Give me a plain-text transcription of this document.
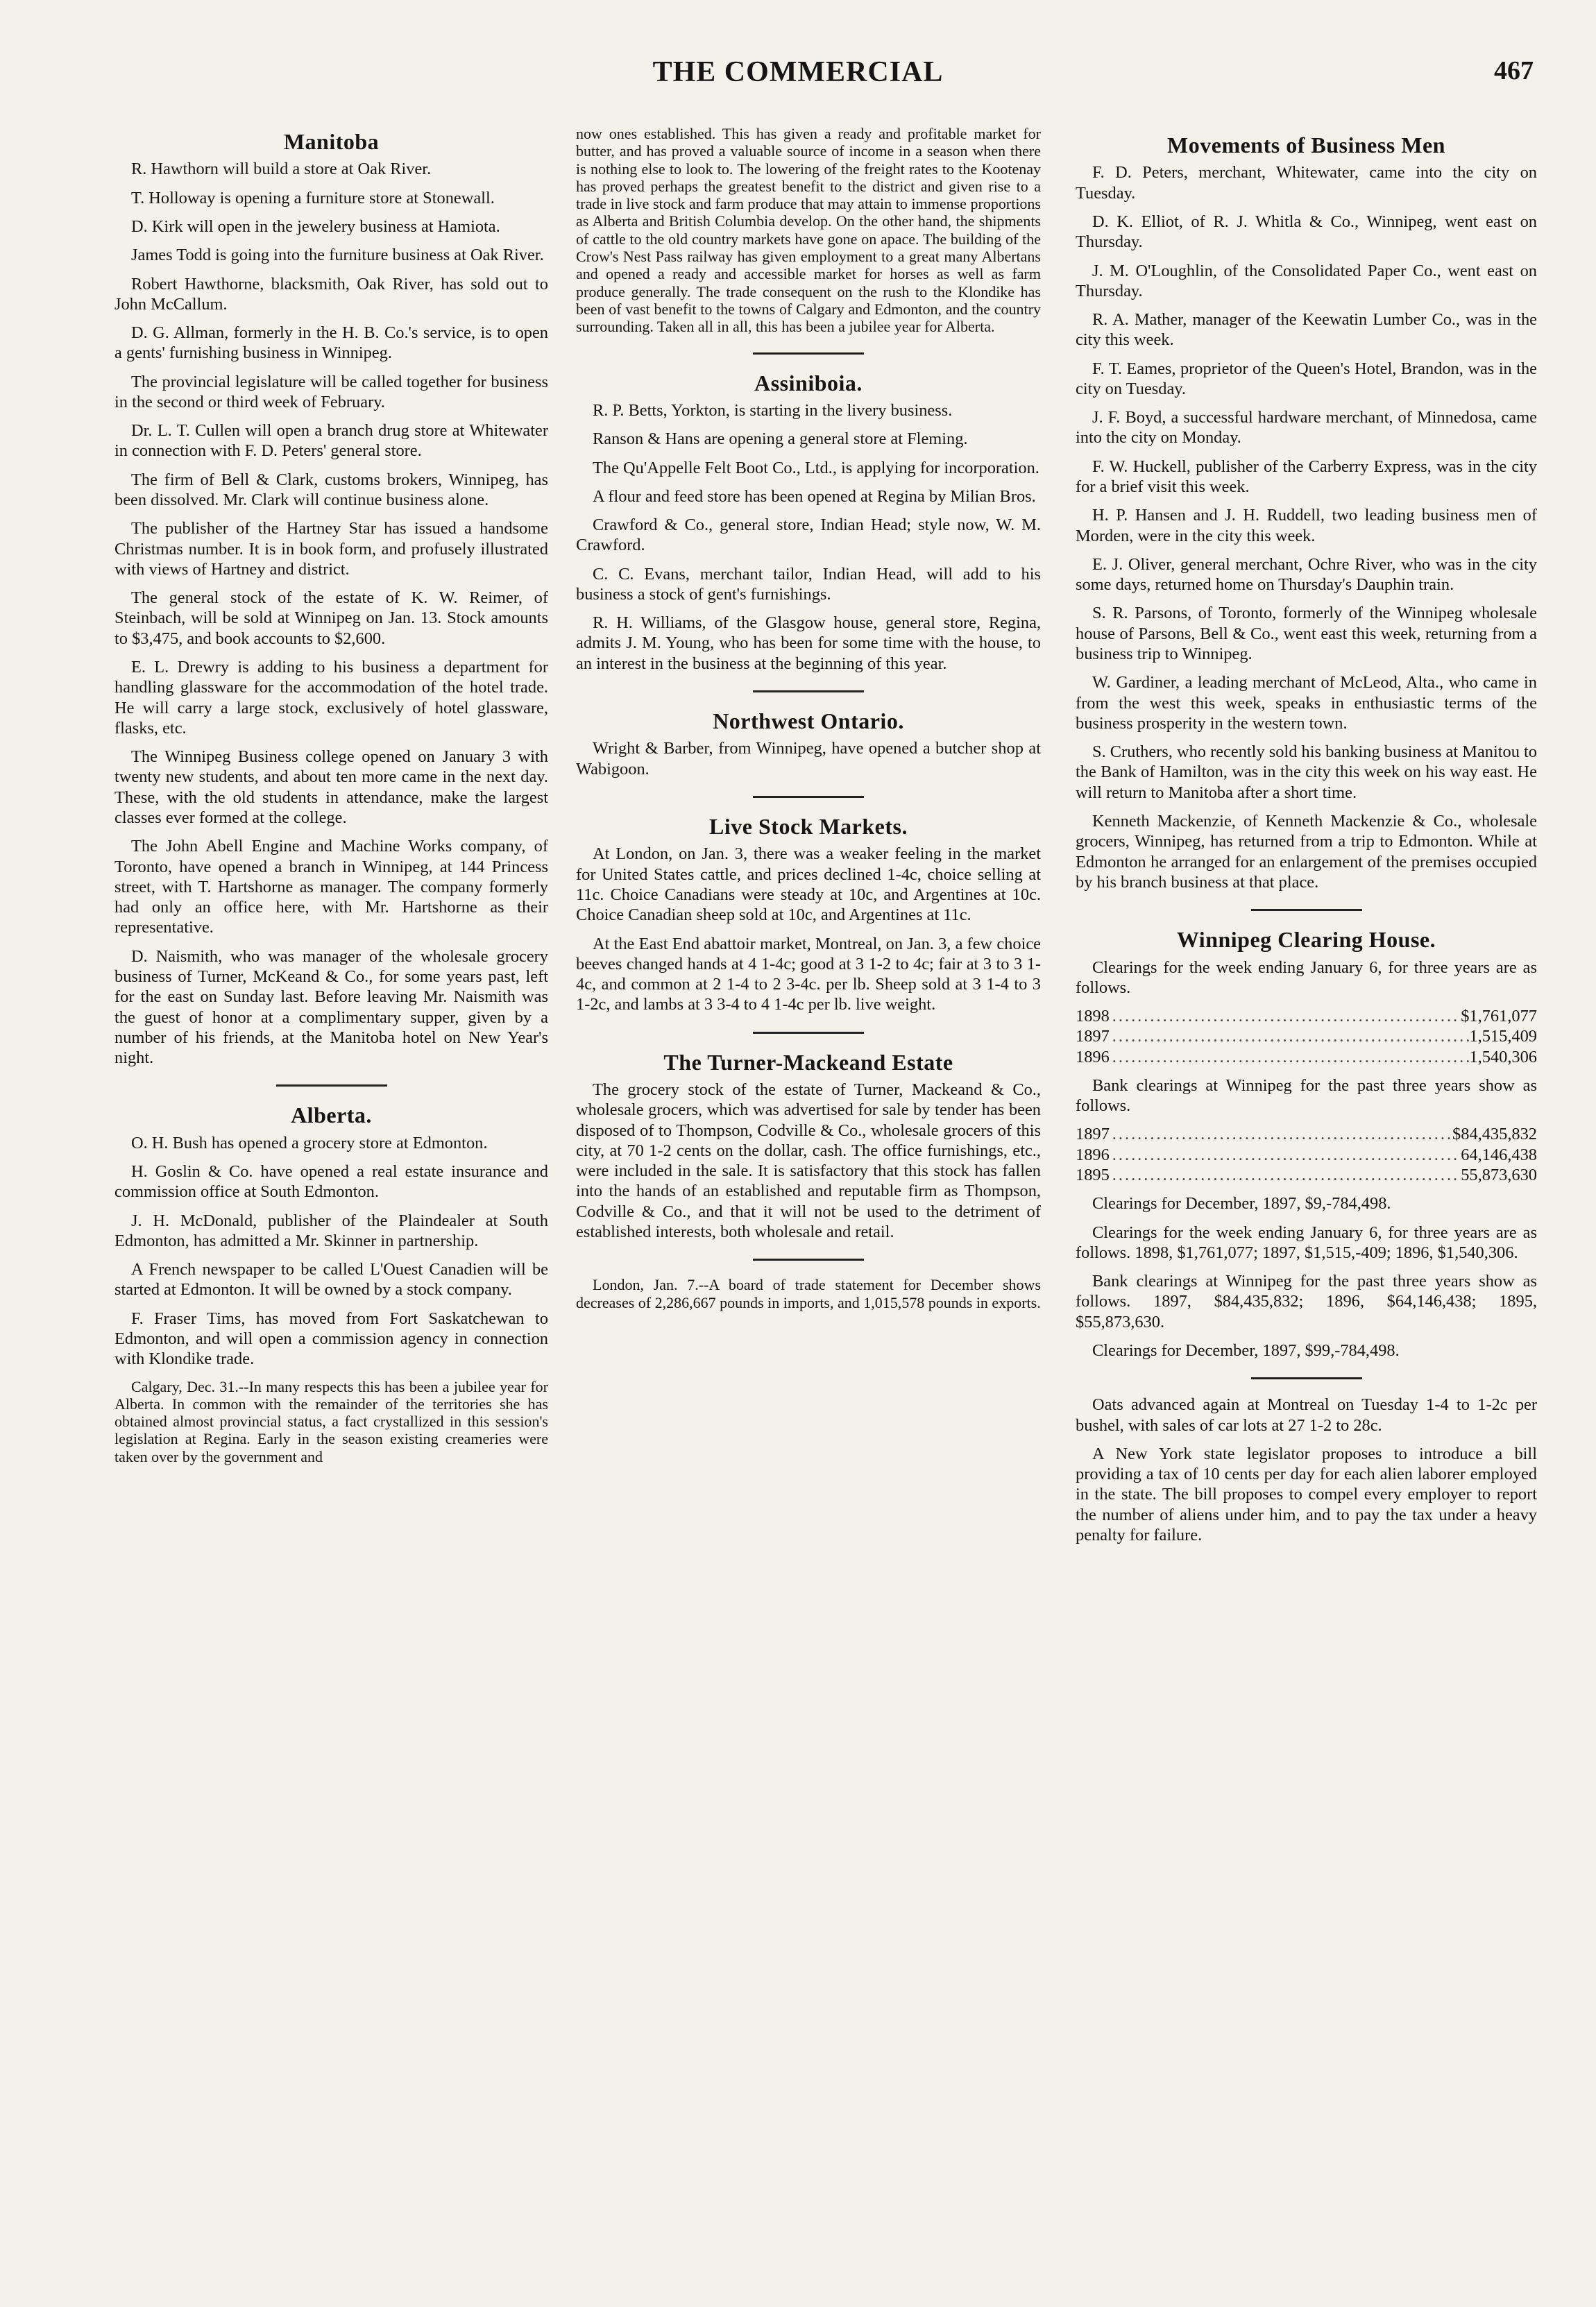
THE COMMERCIAL	467
Manitoba

R. Hawthorn will build a store at Oak River.

T. Holloway is opening a furniture store at Stonewall.

D. Kirk will open in the jewelery business at Hamiota.

James Todd is going into the furniture business at Oak River.

Robert Hawthorne, blacksmith, Oak River, has sold out to John McCallum.

D. G. Allman, formerly in the H. B. Co.'s service, is to open a gents' furnishing business in Winnipeg.

The provincial legislature will be called together for business in the second or third week of February.

Dr. L. T. Cullen will open a branch drug store at Whitewater in connection with F. D. Peters' general store.

The firm of Bell & Clark, customs brokers, Winnipeg, has been dissolved. Mr. Clark will continue business alone.

The publisher of the Hartney Star has issued a handsome Christmas number. It is in book form, and profusely illustrated with views of Hartney and district.

The general stock of the estate of K. W. Reimer, of Steinbach, will be sold at Winnipeg on Jan. 13. Stock amounts to $3,475, and book accounts to $2,600.

E. L. Drewry is adding to his business a department for handling glassware for the accommodation of the hotel trade. He will carry a large stock, exclusively of hotel glassware, flasks, etc.

The Winnipeg Business college opened on January 3 with twenty new students, and about ten more came in the next day. These, with the old students in attendance, make the largest classes ever formed at the college.

The John Abell Engine and Machine Works company, of Toronto, have opened a branch in Winnipeg, at 144 Princess street, with T. Hartshorne as manager. The company formerly had only an office here, with Mr. Hartshorne as their representative.

D. Naismith, who was manager of the wholesale grocery business of Turner, McKeand & Co., for some years past, left for the east on Sunday last. Before leaving Mr. Naismith was the guest of honor at a complimentary supper, given by a number of his friends, at the Manitoba hotel on New Year's night.

Alberta.

O. H. Bush has opened a grocery store at Edmonton.

H. Goslin & Co. have opened a real estate insurance and commission office at South Edmonton.

J. H. McDonald, publisher of the Plaindealer at South Edmonton, has admitted a Mr. Skinner in partnership.

A French newspaper to be called L'Ouest Canadien will be started at Edmonton. It will be owned by a stock company.

F. Fraser Tims, has moved from Fort Saskatchewan to Edmonton, and will open a commission agency in connection with Klondike trade.

Calgary, Dec. 31.--In many respects this has been a jubilee year for Alberta. In common with the remainder of the territories she has obtained almost provincial status, a fact crystallized in this session's legislation at Regina. Early in the season existing creameries were taken over by the government and

now ones established. This has given a ready and profitable market for butter, and has proved a valuable source of income in a season when there is nothing else to look to. The lowering of the freight rates to the Kootenay has proved perhaps the greatest benefit to the district and given rise to a trade in live stock and farm produce that may attain to immense proportions as Alberta and British Columbia develop. On the other hand, the shipments of cattle to the old country markets have gone on apace. The building of the Crow's Nest Pass railway has given employment to a great many Albertans and opened a ready and accessible market for horses as well as farm produce generally. The trade consequent on the rush to the Klondike has been of vast benefit to the towns of Calgary and Edmonton, and the country surrounding. Taken all in all, this has been a jubilee year for Alberta.

Assiniboia.

R. P. Betts, Yorkton, is starting in the livery business.

Ranson & Hans are opening a general store at Fleming.

The Qu'Appelle Felt Boot Co., Ltd., is applying for incorporation.

A flour and feed store has been opened at Regina by Milian Bros.

Crawford & Co., general store, Indian Head; style now, W. M. Crawford.

C. C. Evans, merchant tailor, Indian Head, will add to his business a stock of gent's furnishings.

R. H. Williams, of the Glasgow house, general store, Regina, admits J. M. Young, who has been for some time with the house, to an interest in the business at the beginning of this year.

Northwest Ontario.

Wright & Barber, from Winnipeg, have opened a butcher shop at Wabigoon.

Live Stock Markets.

At London, on Jan. 3, there was a weaker feeling in the market for United States cattle, and prices declined 1-4c, choice selling at 11c. Choice Canadians were steady at 10c, and Argentines at 10c. Choice Canadian sheep sold at 10c, and Argentines at 11c.

At the East End abattoir market, Montreal, on Jan. 3, a few choice beeves changed hands at 4 1-4c; good at 3 1-2 to 4c; fair at 3 to 3 1-4c, and common at 2 1-4 to 2 3-4c. per lb. Sheep sold at 3 1-4 to 3 1-2c, and lambs at 3 3-4 to 4 1-4c per lb. live weight.

The Turner-Mackeand Estate

The grocery stock of the estate of Turner, Mackeand & Co., wholesale grocers, which was advertised for sale by tender has been disposed of to Thompson, Codville & Co., wholesale grocers of this city, at 70 1-2 cents on the dollar, cash. The office furnishings, etc., were included in the sale. It is satisfactory that this stock has fallen into the hands of an established and reputable firm as Thompson, Codville & Co., and that it will not be used to the detriment of established interests, both wholesale and retail.

London, Jan. 7.--A board of trade statement for December shows decreases of 2,286,667 pounds in imports, and 1,015,578 pounds in exports.

Movements of Business Men

F. D. Peters, merchant, Whitewater, came into the city on Tuesday.

D. K. Elliot, of R. J. Whitla & Co., Winnipeg, went east on Thursday.

J. M. O'Loughlin, of the Consolidated Paper Co., went east on Thursday.

R. A. Mather, manager of the Keewatin Lumber Co., was in the city this week.

F. T. Eames, proprietor of the Queen's Hotel, Brandon, was in the city on Tuesday.

J. F. Boyd, a successful hardware merchant, of Minnedosa, came into the city on Monday.

F. W. Huckell, publisher of the Carberry Express, was in the city for a brief visit this week.

H. P. Hansen and J. H. Ruddell, two leading business men of Morden, were in the city this week.

E. J. Oliver, general merchant, Ochre River, who was in the city some days, returned home on Thursday's Dauphin train.

S. R. Parsons, of Toronto, formerly of the Winnipeg wholesale house of Parsons, Bell & Co., went east this week, returning from a business trip to Winnipeg.

W. Gardiner, a leading merchant of McLeod, Alta., who came in from the west this week, speaks in enthusiastic terms of the business prosperity in the western town.

S. Cruthers, who recently sold his banking business at Manitou to the Bank of Hamilton, was in the city this week on his way east. He will return to Manitoba after a short time.

Kenneth Mackenzie, of Kenneth Mackenzie & Co., wholesale grocers, Winnipeg, has returned from a trip to Edmonton. While at Edmonton he arranged for an enlargement of the premises occupied by his branch business at that place.

Winnipeg Clearing House.

Clearings for the week ending January 6, for three years are as follows.

1898 .....	$1,761,077
1897 .....	1,515,409
1896 .....	1,540,306

Bank clearings at Winnipeg for the past three years show as follows.

1897 .....	$84,435,832
1896 .....	64,146,438
1895 .....	55,873,630

Clearings for December, 1897, $9,-784,498.

Clearings for the week ending January 6, for three years are as follows. 1898, $1,761,077; 1897, $1,515,-409; 1896, $1,540,306.

Bank clearings at Winnipeg for the past three years show as follows. 1897, $84,435,832; 1896, $64,146,438; 1895, $55,873,630.

Clearings for December, 1897, $99,-784,498.

Oats advanced again at Montreal on Tuesday 1-4 to 1-2c per bushel, with sales of car lots at 27 1-2 to 28c.

A New York state legislator proposes to introduce a bill providing a tax of 10 cents per day for each alien laborer employed in the state. The bill proposes to compel every employer to report the number of aliens under him, and to pay the tax under a heavy penalty for failure.
